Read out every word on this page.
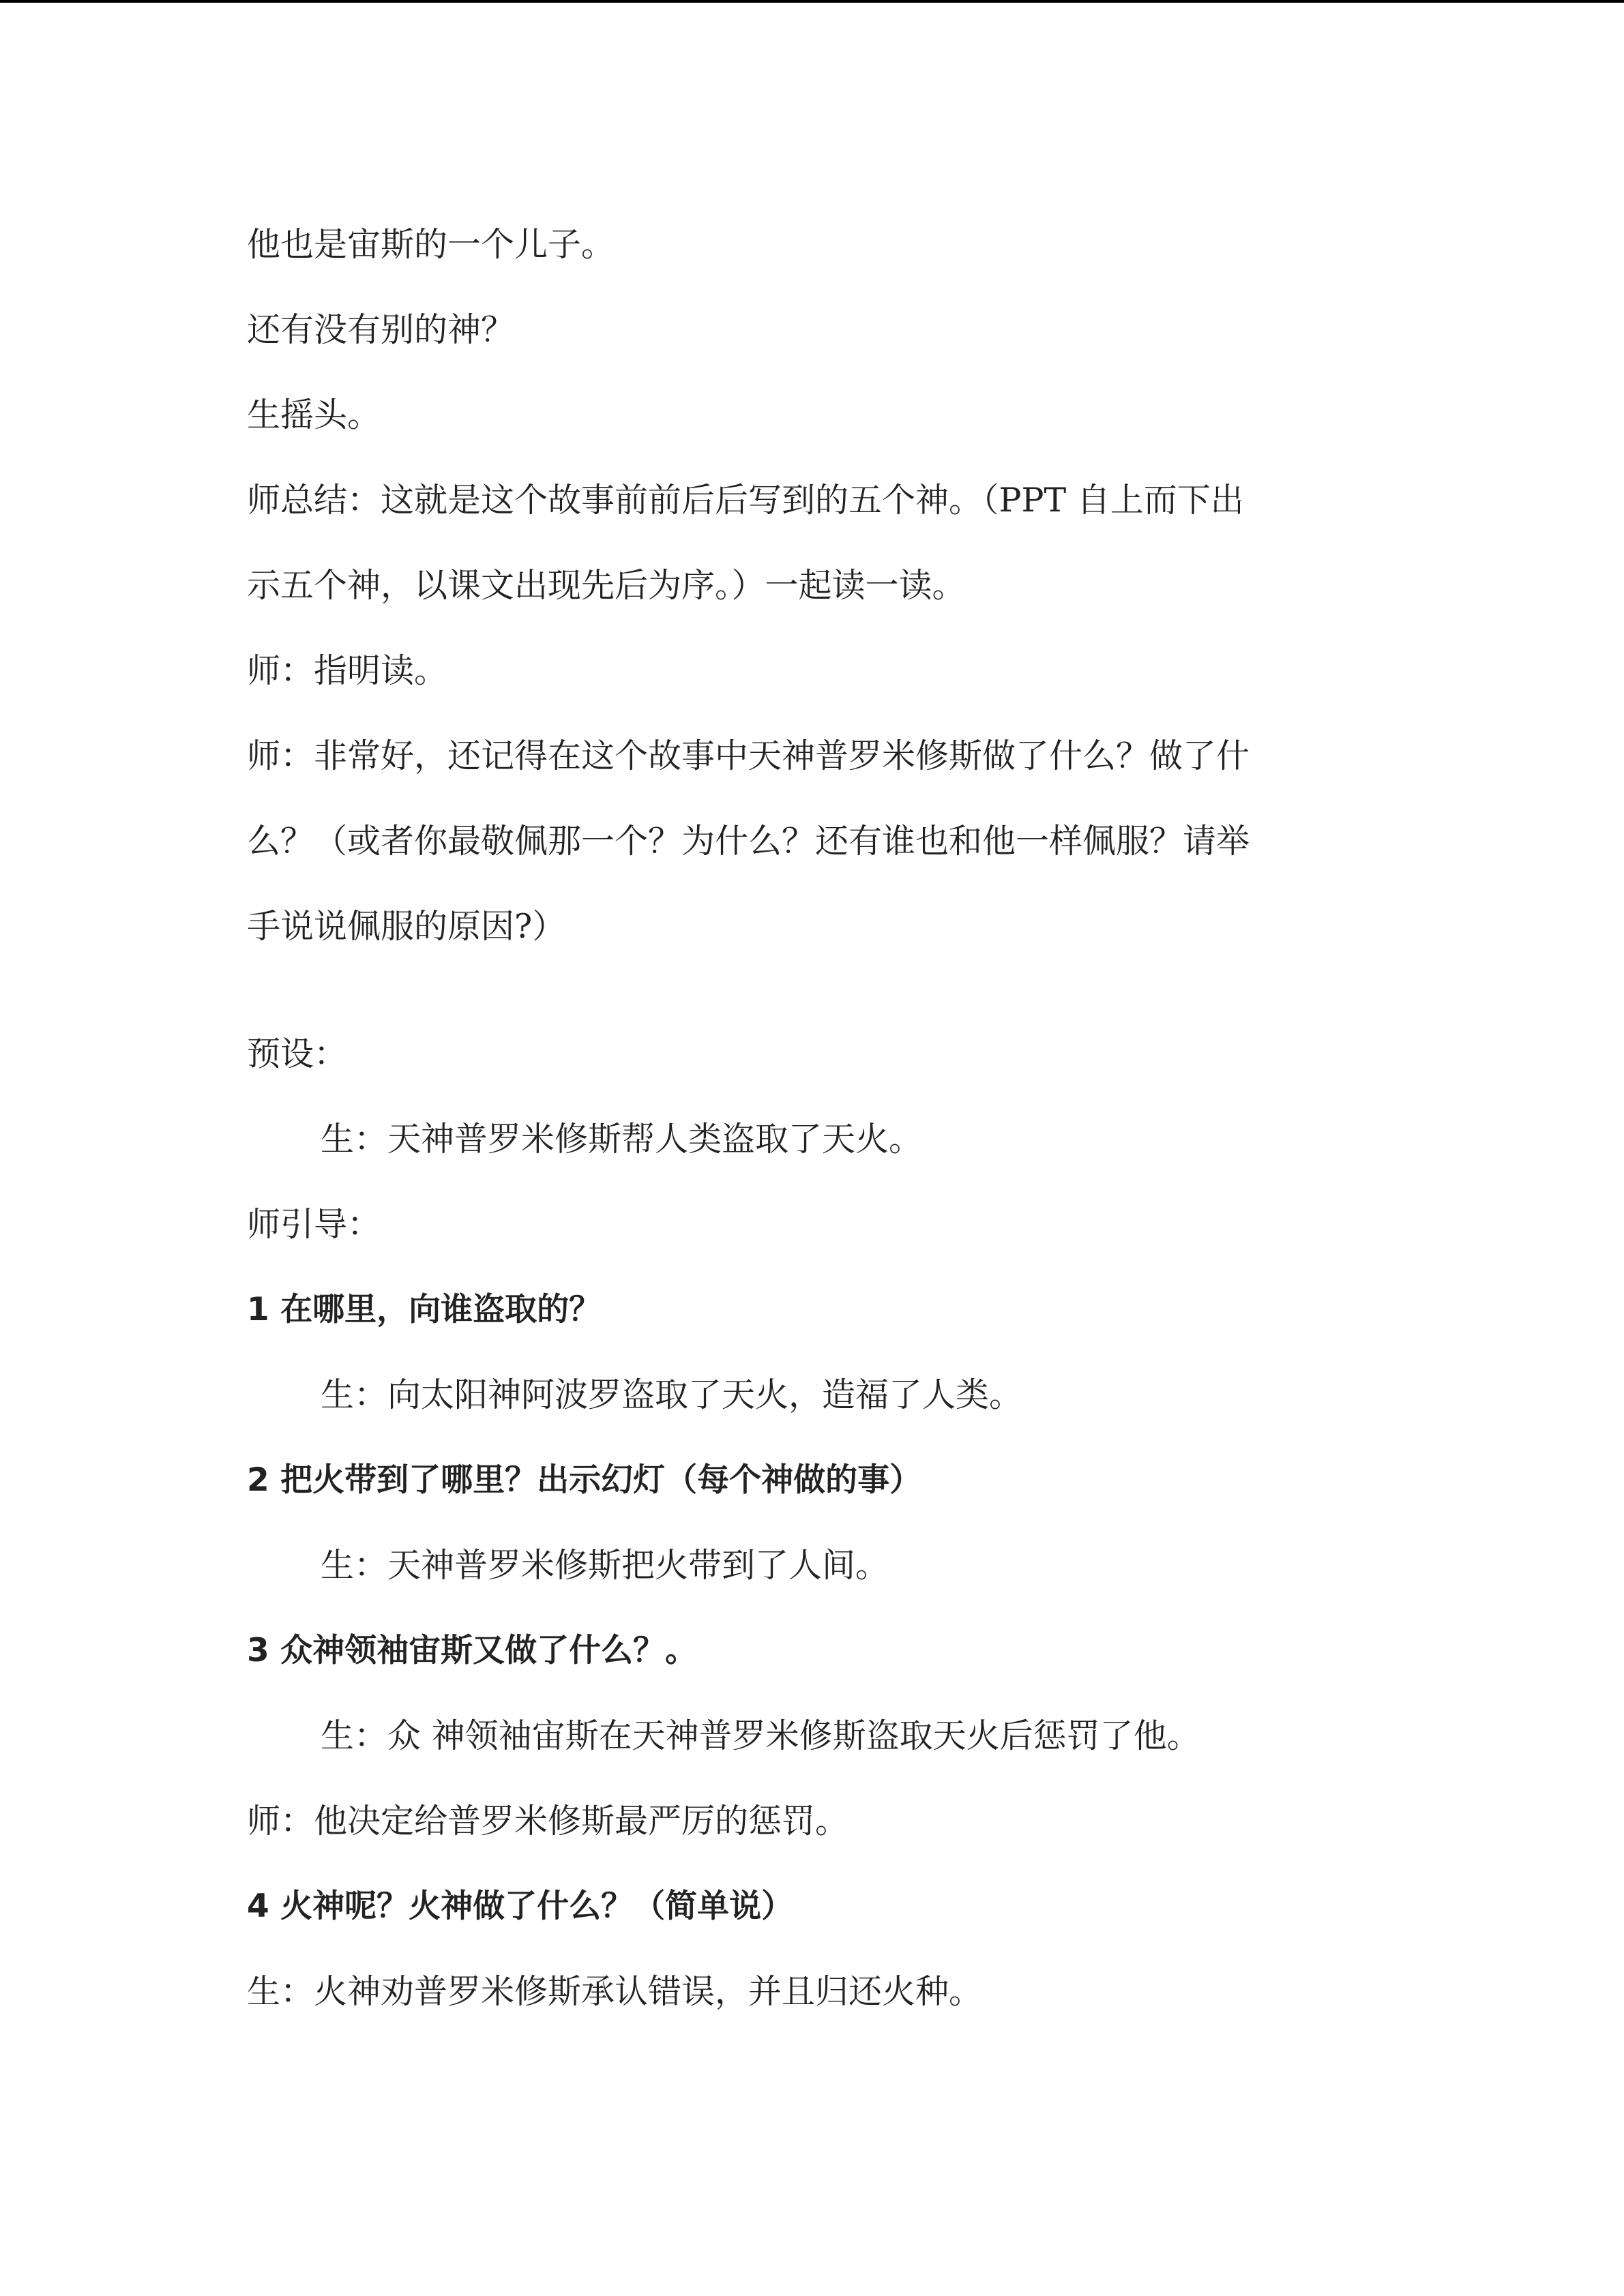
他也是宙斯的一个儿子。
还有没有别的神？
生摇头。
师总结：这就是这个故事前前后后写到的五个神。（PPT 自上而下出
示五个神，以课文出现先后为序。）一起读一读。
师：指明读。
师：非常好，还记得在这个故事中天神普罗米修斯做了什么？做了什
么？（或者你最敬佩那一个？为什么？还有谁也和他一样佩服？请举
手说说佩服的原因?）
预设：
生：天神普罗米修斯帮人类盗取了天火。
师引导：
1 在哪里，向谁盗取的？
生：向太阳神阿波罗盗取了天火，造福了人类。
2 把火带到了哪里？出示幻灯（每个神做的事）
生：天神普罗米修斯把火带到了人间。
3 众神领袖宙斯又做了什么？。
生：众 神领袖宙斯在天神普罗米修斯盗取天火后惩罚了他。
师：他决定给普罗米修斯最严厉的惩罚。
4 火神呢？火神做了什么？（简单说）
生：火神劝普罗米修斯承认错误，并且归还火种。
